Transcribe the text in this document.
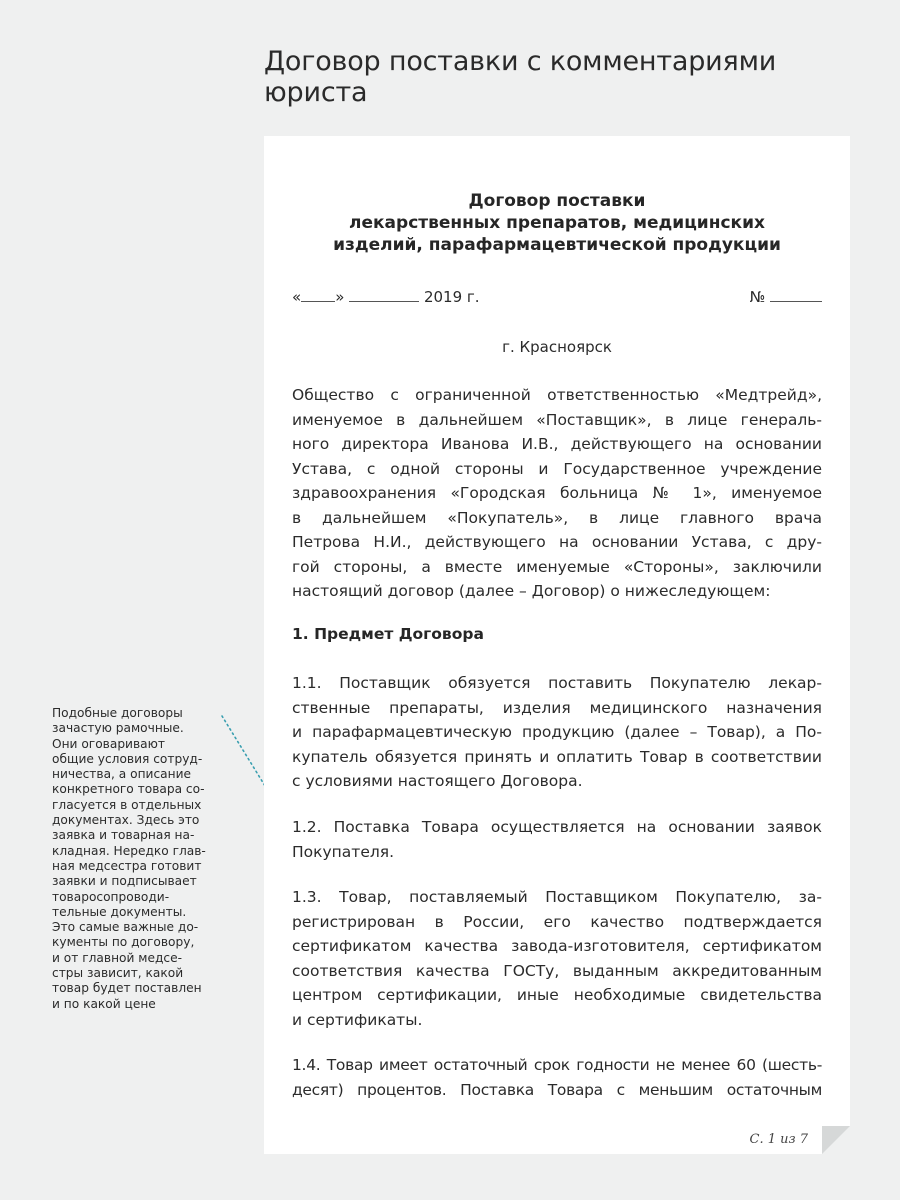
Договор поставки с комментариями
юриста
Подобные договоры
зачастую рамочные.
Они оговаривают
общие условия сотруд-
ничества, а описание
конкретного товара со-
гласуется в отдельных
документах. Здесь это
заявка и товарная на-
кладная. Нередко глав-
ная медсестра готовит
заявки и подписывает
товаросопроводи-
тельные документы.
Это самые важные до-
кументы по договору,
и от главной медсе-
стры зависит, какой
товар будет поставлен
и по какой цене
Договор поставки
лекарственных препаратов, медицинских
изделий, парафармацевтической продукции
« »	2019 г.	№
г. Красноярск
Общество с ограниченной ответственностью «Медтрейд»,
именуемое в дальнейшем «Поставщик», в лице генераль-
ного директора Иванова И.В., действующего на основании
Устава, с одной стороны и Государственное учреждение
здравоохранения «Городская больница № 1», именуемое
в дальнейшем «Покупатель», в лице главного врача
Петрова Н.И., действующего на основании Устава, с дру-
гой стороны, а вместе именуемые «Стороны», заключили
настоящий договор (далее – Договор) о нижеследующем:
1. Предмет Договора
1.1. Поставщик обязуется поставить Покупателю лекар-
ственные препараты, изделия медицинского назначения
и парафармацевтическую продукцию (далее – Товар), а По-
купатель обязуется принять и оплатить Товар в соответствии
с условиями настоящего Договора.
1.2. Поставка Товара осуществляется на основании заявок
Покупателя.
1.3. Товар, поставляемый Поставщиком Покупателю, за-
регистрирован в России, его качество подтверждается
сертификатом качества завода-изготовителя, сертификатом
соответствия качества ГОСТу, выданным аккредитованным
центром сертификации, иные необходимые свидетельства
и сертификаты.
1.4. Товар имеет остаточный срок годности не менее 60 (шесть-
десят) процентов. Поставка Товара с меньшим остаточным
С. 1 из 7
